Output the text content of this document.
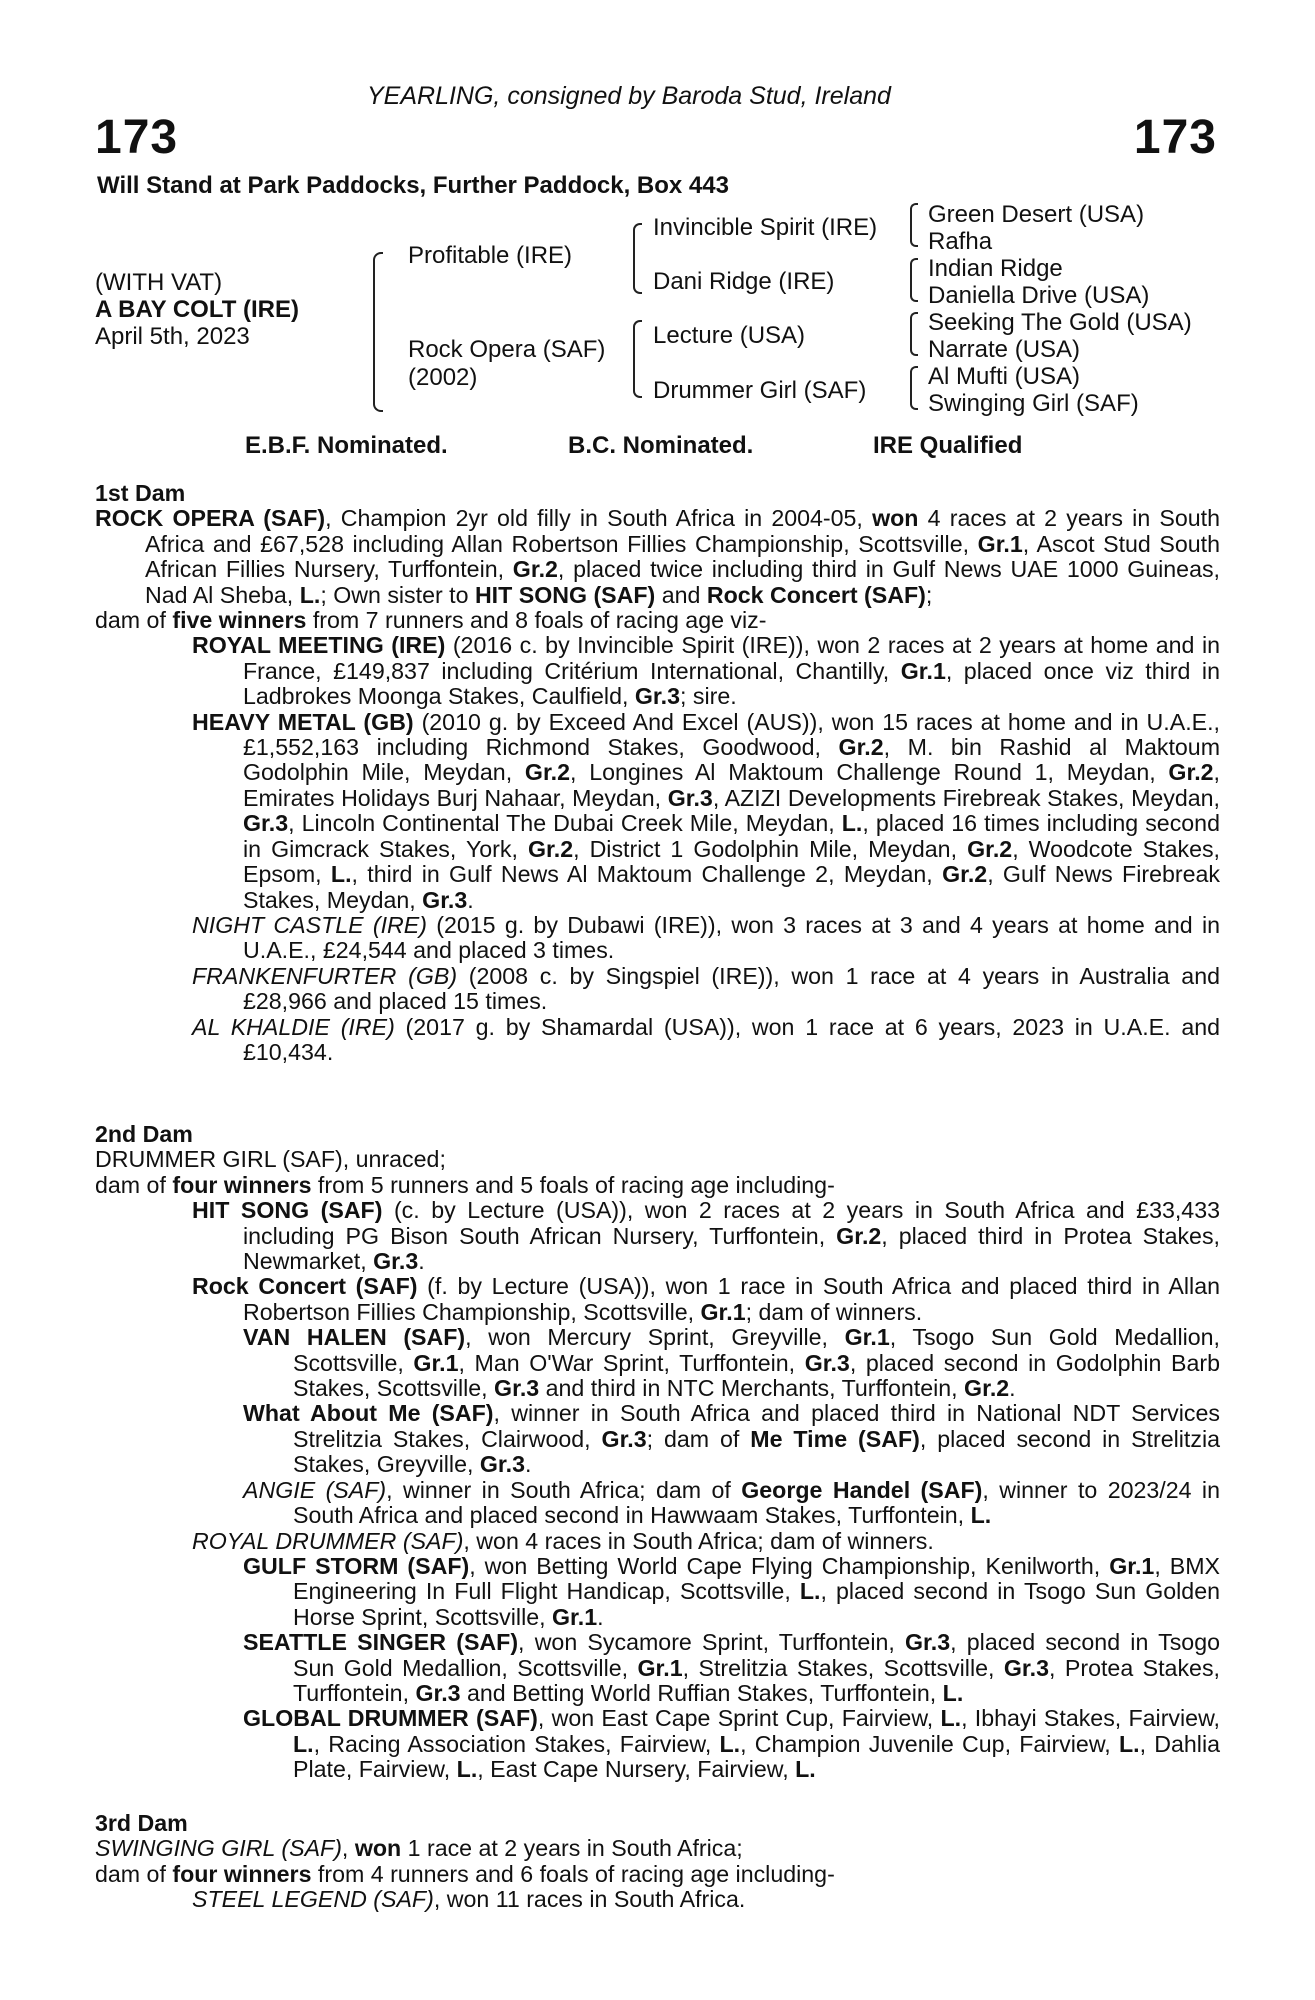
173	173
YEARLING, consigned by Baroda Stud, Ireland
Will Stand at Park Paddocks, Further Paddock, Box 443
(WITH VAT)
A BAY COLT (IRE)
April 5th, 2023
Profitable (IRE)
Rock Opera (SAF)
(2002)
Invincible Spirit (IRE)
Dani Ridge (IRE)
Lecture (USA)
Drummer Girl (SAF)
Green Desert (USA)
Rafha
Indian Ridge
Daniella Drive (USA)
Seeking The Gold (USA)
Narrate (USA)
Al Mufti (USA)
Swinging Girl (SAF)
E.B.F. Nominated.	B.C. Nominated.	IRE Qualified

1st Dam

ROCK OPERA (SAF), Champion 2yr old filly in South Africa in 2004-05, won 4 races at 2 years in South Africa and £67,528 including Allan Robertson Fillies Championship, Scottsville, Gr.1, Ascot Stud South African Fillies Nursery, Turffontein, Gr.2, placed twice including third in Gulf News UAE 1000 Guineas, Nad Al Sheba, L.; Own sister to HIT SONG (SAF) and Rock Concert (SAF);

dam of five winners from 7 runners and 8 foals of racing age viz-

ROYAL MEETING (IRE) (2016 c. by Invincible Spirit (IRE)), won 2 races at 2 years at home and in France, £149,837 including Critérium International, Chantilly, Gr.1, placed once viz third in Ladbrokes Moonga Stakes, Caulfield, Gr.3; sire.

HEAVY METAL (GB) (2010 g. by Exceed And Excel (AUS)), won 15 races at home and in U.A.E., £1,552,163 including Richmond Stakes, Goodwood, Gr.2, M. bin Rashid al Maktoum Godolphin Mile, Meydan, Gr.2, Longines Al Maktoum Challenge Round 1, Meydan, Gr.2, Emirates Holidays Burj Nahaar, Meydan, Gr.3, AZIZI Developments Firebreak Stakes, Meydan, Gr.3, Lincoln Continental The Dubai Creek Mile, Meydan, L., placed 16 times including second in Gimcrack Stakes, York, Gr.2, District 1 Godolphin Mile, Meydan, Gr.2, Woodcote Stakes, Epsom, L., third in Gulf News Al Maktoum Challenge 2, Meydan, Gr.2, Gulf News Firebreak Stakes, Meydan, Gr.3.

NIGHT CASTLE (IRE) (2015 g. by Dubawi (IRE)), won 3 races at 3 and 4 years at home and in U.A.E., £24,544 and placed 3 times.

FRANKENFURTER (GB) (2008 c. by Singspiel (IRE)), won 1 race at 4 years in Australia and £28,966 and placed 15 times.

AL KHALDIE (IRE) (2017 g. by Shamardal (USA)), won 1 race at 6 years, 2023 in U.A.E. and £10,434.

2nd Dam

DRUMMER GIRL (SAF), unraced;

dam of four winners from 5 runners and 5 foals of racing age including-

HIT SONG (SAF) (c. by Lecture (USA)), won 2 races at 2 years in South Africa and £33,433 including PG Bison South African Nursery, Turffontein, Gr.2, placed third in Protea Stakes, Newmarket, Gr.3.

Rock Concert (SAF) (f. by Lecture (USA)), won 1 race in South Africa and placed third in Allan Robertson Fillies Championship, Scottsville, Gr.1; dam of winners.

VAN HALEN (SAF), won Mercury Sprint, Greyville, Gr.1, Tsogo Sun Gold Medallion, Scottsville, Gr.1, Man O'War Sprint, Turffontein, Gr.3, placed second in Godolphin Barb Stakes, Scottsville, Gr.3 and third in NTC Merchants, Turffontein, Gr.2.

What About Me (SAF), winner in South Africa and placed third in National NDT Services Strelitzia Stakes, Clairwood, Gr.3; dam of Me Time (SAF), placed second in Strelitzia Stakes, Greyville, Gr.3.

ANGIE (SAF), winner in South Africa; dam of George Handel (SAF), winner to 2023/24 in South Africa and placed second in Hawwaam Stakes, Turffontein, L.

ROYAL DRUMMER (SAF), won 4 races in South Africa; dam of winners.

GULF STORM (SAF), won Betting World Cape Flying Championship, Kenilworth, Gr.1, BMX Engineering In Full Flight Handicap, Scottsville, L., placed second in Tsogo Sun Golden Horse Sprint, Scottsville, Gr.1.

SEATTLE SINGER (SAF), won Sycamore Sprint, Turffontein, Gr.3, placed second in Tsogo Sun Gold Medallion, Scottsville, Gr.1, Strelitzia Stakes, Scottsville, Gr.3, Protea Stakes, Turffontein, Gr.3 and Betting World Ruffian Stakes, Turffontein, L.

GLOBAL DRUMMER (SAF), won East Cape Sprint Cup, Fairview, L., Ibhayi Stakes, Fairview, L., Racing Association Stakes, Fairview, L., Champion Juvenile Cup, Fairview, L., Dahlia Plate, Fairview, L., East Cape Nursery, Fairview, L.

3rd Dam

SWINGING GIRL (SAF), won 1 race at 2 years in South Africa;

dam of four winners from 4 runners and 6 foals of racing age including-

STEEL LEGEND (SAF), won 11 races in South Africa.
